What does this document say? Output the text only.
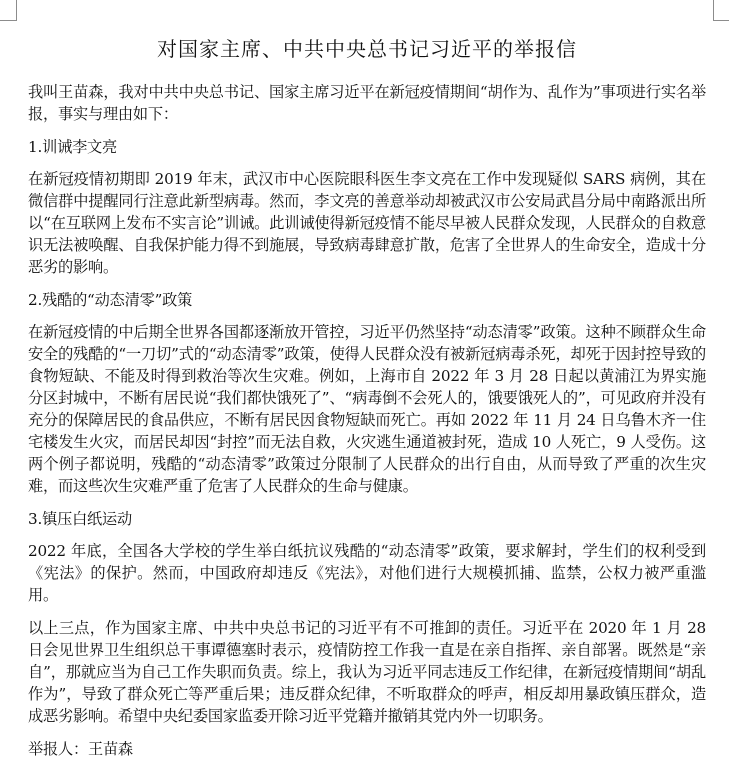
对国家主席、中共中央总书记习近平的举报信

我叫王苗森，我对中共中央总书记、国家主席习近平在新冠疫情期间“胡作为、乱作为”事项进行实名举报，事实与理由如下：

1.训诫李文亮

在新冠疫情初期即 2019 年末，武汉市中心医院眼科医生李文亮在工作中发现疑似 SARS 病例，其在微信群中提醒同行注意此新型病毒。然而，李文亮的善意举动却被武汉市公安局武昌分局中南路派出所以“在互联网上发布不实言论”训诫。此训诫使得新冠疫情不能尽早被人民群众发现，人民群众的自救意识无法被唤醒、自我保护能力得不到施展，导致病毒肆意扩散，危害了全世界人的生命安全，造成十分恶劣的影响。

2.残酷的“动态清零”政策

在新冠疫情的中后期全世界各国都逐渐放开管控，习近平仍然坚持“动态清零”政策。这种不顾群众生命安全的残酷的“一刀切”式的“动态清零”政策，使得人民群众没有被新冠病毒杀死，却死于因封控导致的食物短缺、不能及时得到救治等次生灾难。例如，上海市自 2022 年 3 月 28 日起以黄浦江为界实施分区封城中，不断有居民说“我们都快饿死了”、“病毒倒不会死人的，饿要饿死人的”，可见政府并没有充分的保障居民的食品供应，不断有居民因食物短缺而死亡。再如 2022 年 11 月 24 日乌鲁木齐一住宅楼发生火灾，而居民却因“封控”而无法自救，火灾逃生通道被封死，造成 10 人死亡，9 人受伤。这两个例子都说明，残酷的“动态清零”政策过分限制了人民群众的出行自由，从而导致了严重的次生灾难，而这些次生灾难严重了危害了人民群众的生命与健康。

3.镇压白纸运动

2022 年底，全国各大学校的学生举白纸抗议残酷的“动态清零”政策，要求解封，学生们的权利受到《宪法》的保护。然而，中国政府却违反《宪法》，对他们进行大规模抓捕、监禁，公权力被严重滥用。

以上三点，作为国家主席、中共中央总书记的习近平有不可推卸的责任。习近平在 2020 年 1 月 28 日会见世界卫生组织总干事谭德塞时表示，疫情防控工作我一直是在亲自指挥、亲自部署。既然是“亲自”，那就应当为自己工作失职而负责。综上，我认为习近平同志违反工作纪律，在新冠疫情期间“胡乱作为”，导致了群众死亡等严重后果；违反群众纪律，不听取群众的呼声，相反却用暴政镇压群众，造成恶劣影响。希望中央纪委国家监委开除习近平党籍并撤销其党内外一切职务。

举报人：王苗森
